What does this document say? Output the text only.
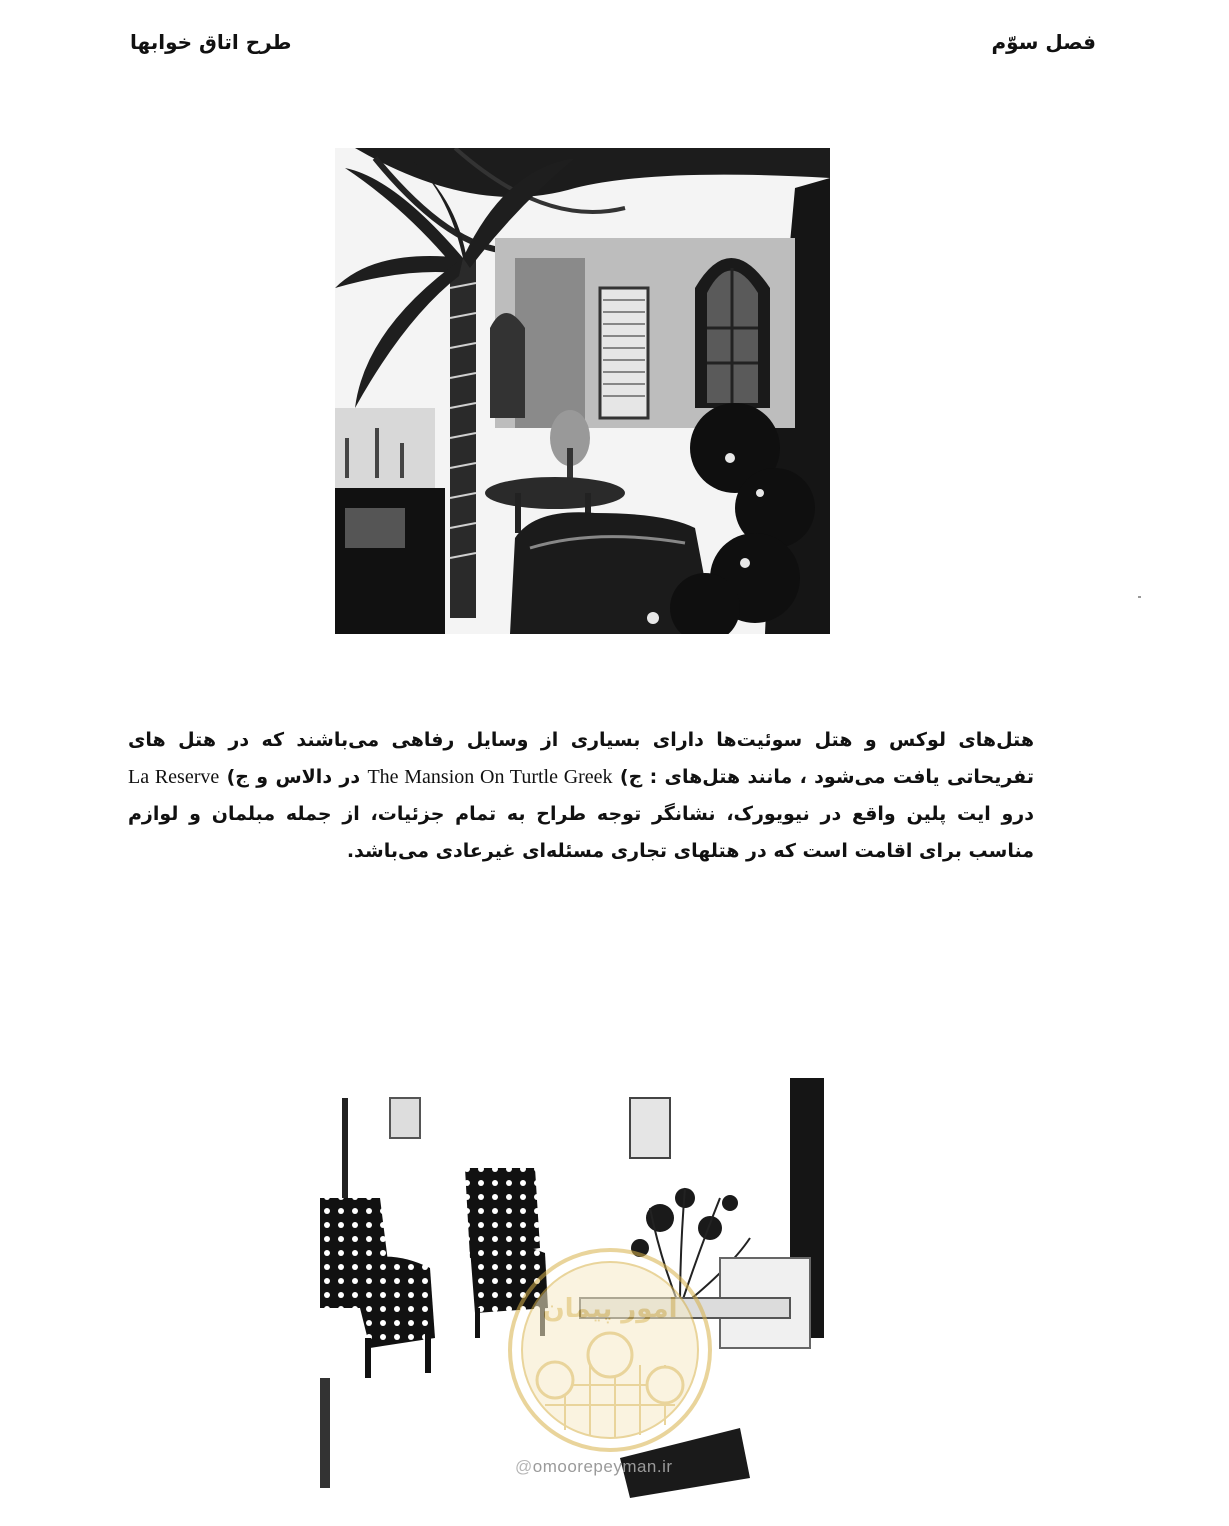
فصل سوّم
طرح اتاق خوابها

هتل‌های لوکس و هتل سوئیت‌ها دارای بسیاری از وسایل رفاهی می‌باشند که در هتل های تفریحاتی یافت می‌شود ، مانند هتل‌های : ج) The Mansion On Turtle Greek در دالاس و ج) La Reserve درو ایت پلین واقع در نیویورک، نشانگر توجه طراح به تمام جزئیات، از جمله مبلمان و لوازم مناسب برای اقامت است که در هتلهای تجاری مسئله‌ای غیرعادی می‌باشد.

امور پیمان
@omoorepeyman.ir
